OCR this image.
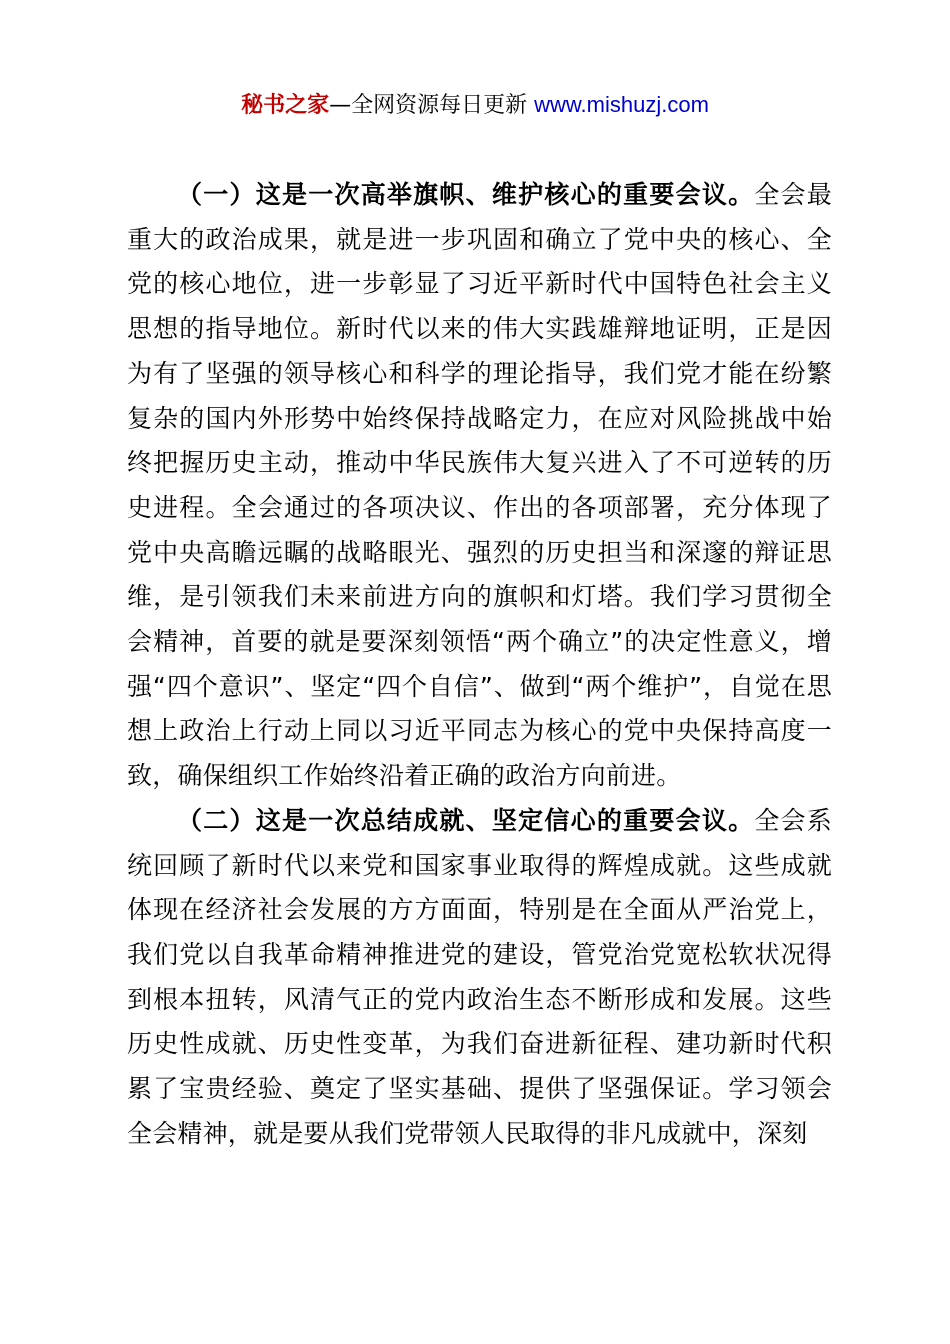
秘书之家—全网资源每日更新 www.mishuzj.com

（一）这是一次高举旗帜、维护核心的重要会议。全会最重大的政治成果，就是进一步巩固和确立了党中央的核心、全党的核心地位，进一步彰显了习近平新时代中国特色社会主义思想的指导地位。新时代以来的伟大实践雄辩地证明，正是因为有了坚强的领导核心和科学的理论指导，我们党才能在纷繁复杂的国内外形势中始终保持战略定力，在应对风险挑战中始终把握历史主动，推动中华民族伟大复兴进入了不可逆转的历史进程。全会通过的各项决议、作出的各项部署，充分体现了党中央高瞻远瞩的战略眼光、强烈的历史担当和深邃的辩证思维，是引领我们未来前进方向的旗帜和灯塔。我们学习贯彻全会精神，首要的就是要深刻领悟“两个确立”的决定性意义，增强“四个意识”、坚定“四个自信”、做到“两个维护”，自觉在思想上政治上行动上同以习近平同志为核心的党中央保持高度一致，确保组织工作始终沿着正确的政治方向前进。

（二）这是一次总结成就、坚定信心的重要会议。全会系统回顾了新时代以来党和国家事业取得的辉煌成就。这些成就体现在经济社会发展的方方面面，特别是在全面从严治党上，我们党以自我革命精神推进党的建设，管党治党宽松软状况得到根本扭转，风清气正的党内政治生态不断形成和发展。这些历史性成就、历史性变革，为我们奋进新征程、建功新时代积累了宝贵经验、奠定了坚实基础、提供了坚强保证。学习领会全会精神，就是要从我们党带领人民取得的非凡成就中，深刻
